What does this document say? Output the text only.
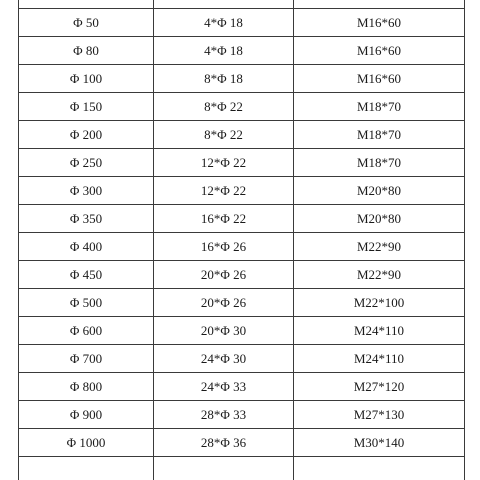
Φ 50	4*Φ 18	M16*60
Φ 80	4*Φ 18	M16*60
Φ 100	8*Φ 18	M16*60
Φ 150	8*Φ 22	M18*70
Φ 200	8*Φ 22	M18*70
Φ 250	12*Φ 22	M18*70
Φ 300	12*Φ 22	M20*80
Φ 350	16*Φ 22	M20*80
Φ 400	16*Φ 26	M22*90
Φ 450	20*Φ 26	M22*90
Φ 500	20*Φ 26	M22*100
Φ 600	20*Φ 30	M24*110
Φ 700	24*Φ 30	M24*110
Φ 800	24*Φ 33	M27*120
Φ 900	28*Φ 33	M27*130
Φ 1000	28*Φ 36	M30*140
